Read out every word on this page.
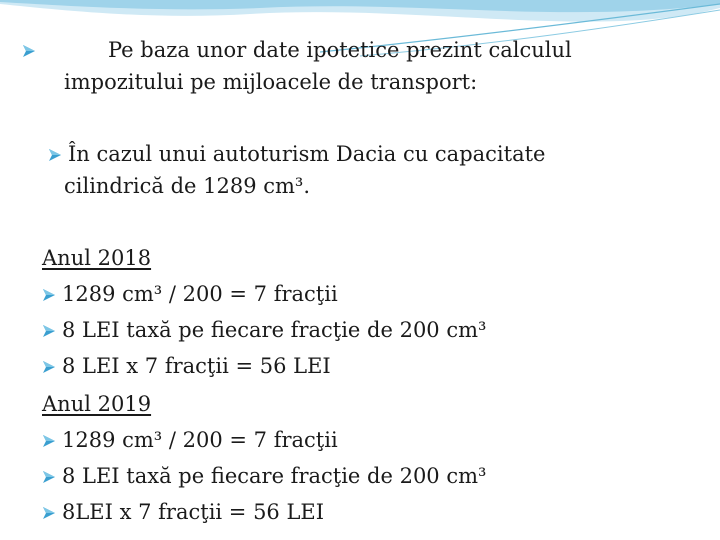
Pe baza unor date ipotetice prezint calculul
impozitului pe mijloacele de transport:
În cazul unui autoturism Dacia cu capacitate
cilindrică de 1289 cm³.
Anul 2018
1289 cm³ / 200 = 7 fracţii
8 LEI taxă pe fiecare fracţie de 200 cm³
8 LEI x 7 fracţii = 56 LEI
Anul 2019
1289 cm³ / 200 = 7 fracţii
8 LEI taxă pe fiecare fracţie de 200 cm³
8LEI x 7 fracţii = 56 LEI
